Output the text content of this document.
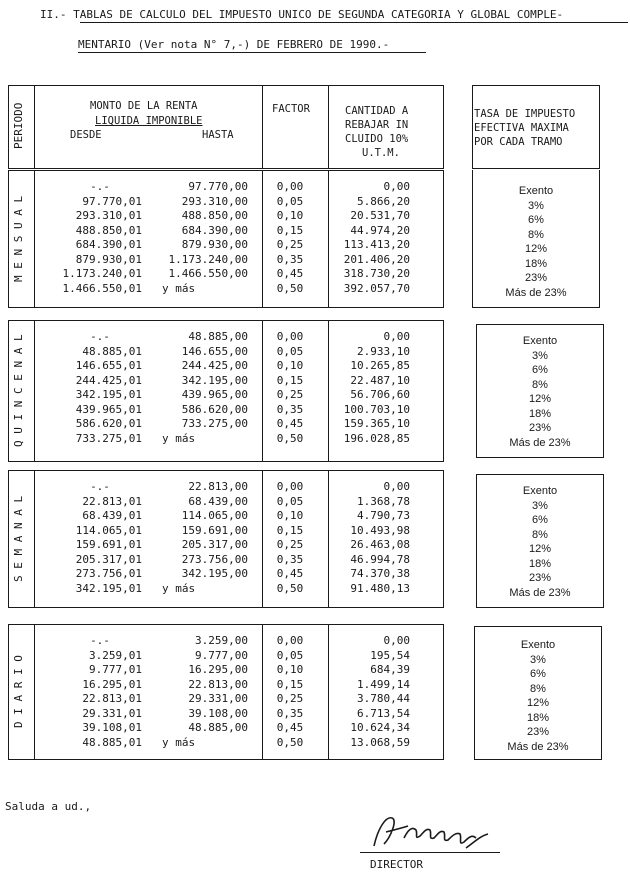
II.- TABLAS DE CALCULO DEL IMPUESTO UNICO DE SEGUNDA CATEGORIA Y GLOBAL COMPLE-
MENTARIO (Ver nota N° 7,-) DE FEBRERO DE 1990.-
PERIODO	MONTO DE LA RENTA
LIQUIDA IMPONIBLE
DESDE	HASTA
FACTOR	CANTIDAD A
REBAJAR IN
CLUIDO 10%
U.T.M.
TASA DE IMPUESTO
EFECTIVA MAXIMA
POR CADA TRAMO
M E N S U A L
-.-	97.770,00	0,00	0,00	Exento
97.770,01	293.310,00	0,05	5.866,20	3%
293.310,01	488.850,00	0,10	20.531,70	6%
488.850,01	684.390,00	0,15	44.974,20	8%
684.390,01	879.930,00	0,25	113.413,20	12%
879.930,01	1.173.240,00	0,35	201.406,20	18%
1.173.240,01	1.466.550,00	0,45	318.730,20	23%
1.466.550,01 y más	0,50	392.057,70	Más de 23%
Q U I N C E N A L	-.-	48.885,00	0,00	0,00	Exento
48.885,01	146.655,00	0,05	2.933,10	3%
146.655,01	244.425,00	0,10	10.265,85	6%
244.425,01	342.195,00	0,15	22.487,10	8%
342.195,01	439.965,00	0,25	56.706,60	12%
439.965,01	586.620,00	0,35	100.703,10	18%
586.620,01	733.275,00	0,45	159.365,10	23%
733.275,01 y más	0,50	196.028,85	Más de 23%
S E M A N A L
-.-	22.813,00	0,00	0,00	Exento
22.813,01	68.439,00	0,05	1.368,78	3%
68.439,01	114.065,00	0,10	4.790,73	6%
114.065,01	159.691,00	0,15	10.493,98	8%
159.691,01	205.317,00	0,25	26.463,08	12%
205.317,01	273.756,00	0,35	46.994,78	18%
273.756,01	342.195,00	0,45	74.370,38	23%
342.195,01 y más	0,50	91.480,13	Más de 23%
D I A R I O
-.-	3.259,00	0,00	0,00	Exento
3.259,01	9.777,00	0,05	195,54	3%
9.777,01	16.295,00	0,10	684,39	6%
16.295,01	22.813,00	0,15	1.499,14	8%
22.813,01	29.331,00	0,25	3.780,44	12%
29.331,01	39.108,00	0,35	6.713,54	18%
39.108,01	48.885,00	0,45	10.624,34	23%
48.885,01 y más	0,50	13.068,59	Más de 23%
Saluda a ud.,
DIRECTOR
